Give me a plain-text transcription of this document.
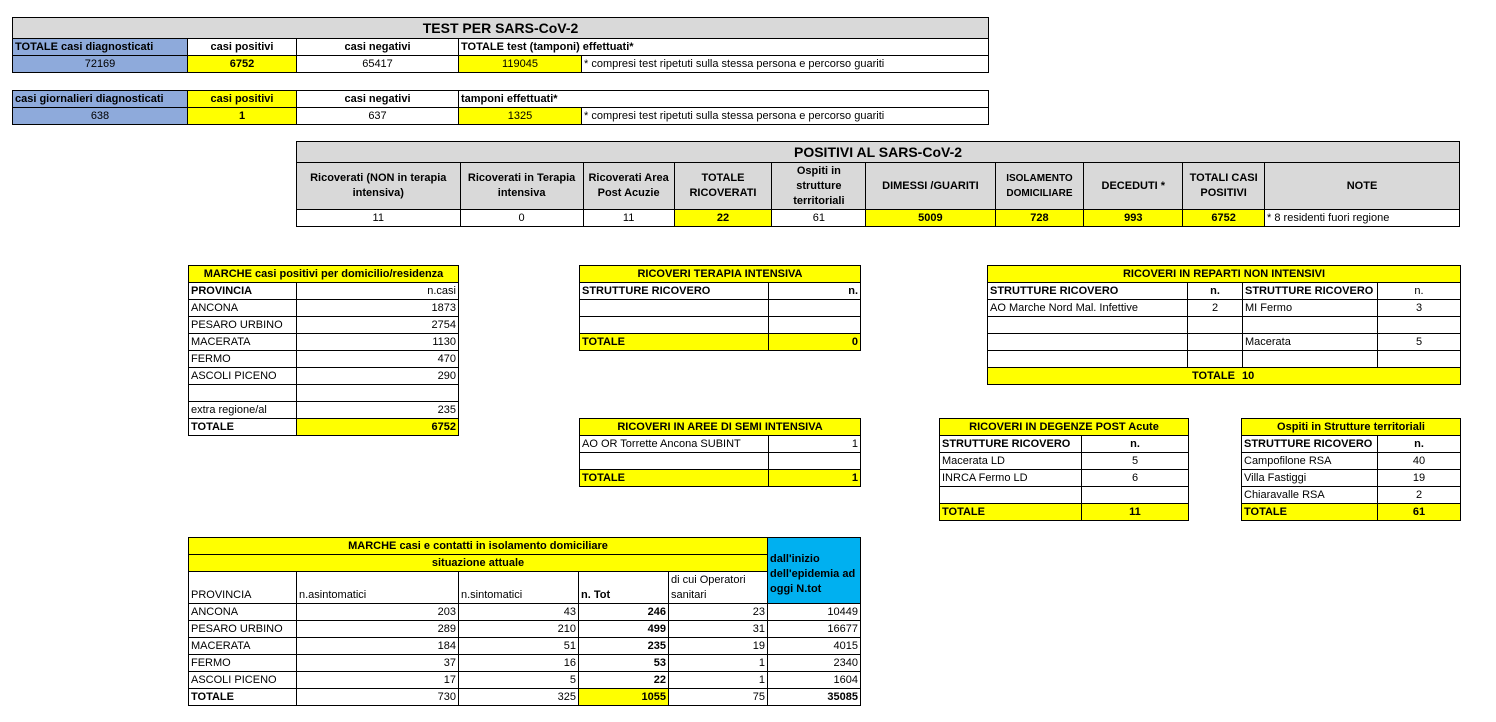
TEST PER SARS-CoV-2				
TOTALE casi diagnosticati	casi positivi	casi negativi	TOTALE test (tamponi) effettuati*	
72169	6752	65417	119045	* compresi test ripetuti sulla stessa persona e percorso guariti
casi giornalieri diagnosticati	casi positivi	casi negativi	tamponi effettuati*	
638	1	637	1325	* compresi test ripetuti sulla stessa persona e percorso guariti
POSITIVI AL SARS-CoV-2									
Ricoverati (NON in terapia intensiva)	Ricoverati in Terapia intensiva	Ricoverati Area Post Acuzie	TOTALE RICOVERATI	Ospiti in strutture territoriali	DIMESSI /GUARITI	ISOLAMENTO DOMICILIARE	DECEDUTI *	TOTALI CASI POSITIVI	NOTE
11	0	11	22	61	5009	728	993	6752	* 8 residenti fuori regione
MARCHE casi positivi per domicilio/residenza	
PROVINCIA	n.casi
ANCONA	1873
PESARO URBINO	2754
MACERATA	1130
FERMO	470
ASCOLI PICENO	290

extra regione/al	235
TOTALE	6752
RICOVERI TERAPIA INTENSIVA	
STRUTTURE RICOVERO	n.

TOTALE	0
RICOVERI IN REPARTI NON INTENSIVI			
STRUTTURE RICOVERO	n.	STRUTTURE RICOVERO	n.
AO Marche Nord Mal. Infettive	2	MI Fermo	3

		Macerata	5

TOTALE 10			
RICOVERI IN AREE DI SEMI INTENSIVA	
AO OR Torrette Ancona SUBINT	1

TOTALE	1
RICOVERI IN DEGENZE POST Acute	
STRUTTURE RICOVERO	n.
Macerata LD	5
INRCA Fermo LD	6

TOTALE	11
Ospiti in Strutture territoriali	
STRUTTURE RICOVERO	n.
Campofilone RSA	40
Villa Fastiggi	19
Chiaravalle RSA	2
TOTALE	61
MARCHE casi e contatti in isolamento domiciliare					dall'inizio dell'epidemia ad oggi N.tot
situazione attuale					
PROVINCIA	n.asintomatici	n.sintomatici	n. Tot	di cui Operatori sanitari	
ANCONA	203	43	246	23	10449
PESARO URBINO	289	210	499	31	16677
MACERATA	184	51	235	19	4015
FERMO	37	16	53	1	2340
ASCOLI PICENO	17	5	22	1	1604
TOTALE	730	325	1055	75	35085
